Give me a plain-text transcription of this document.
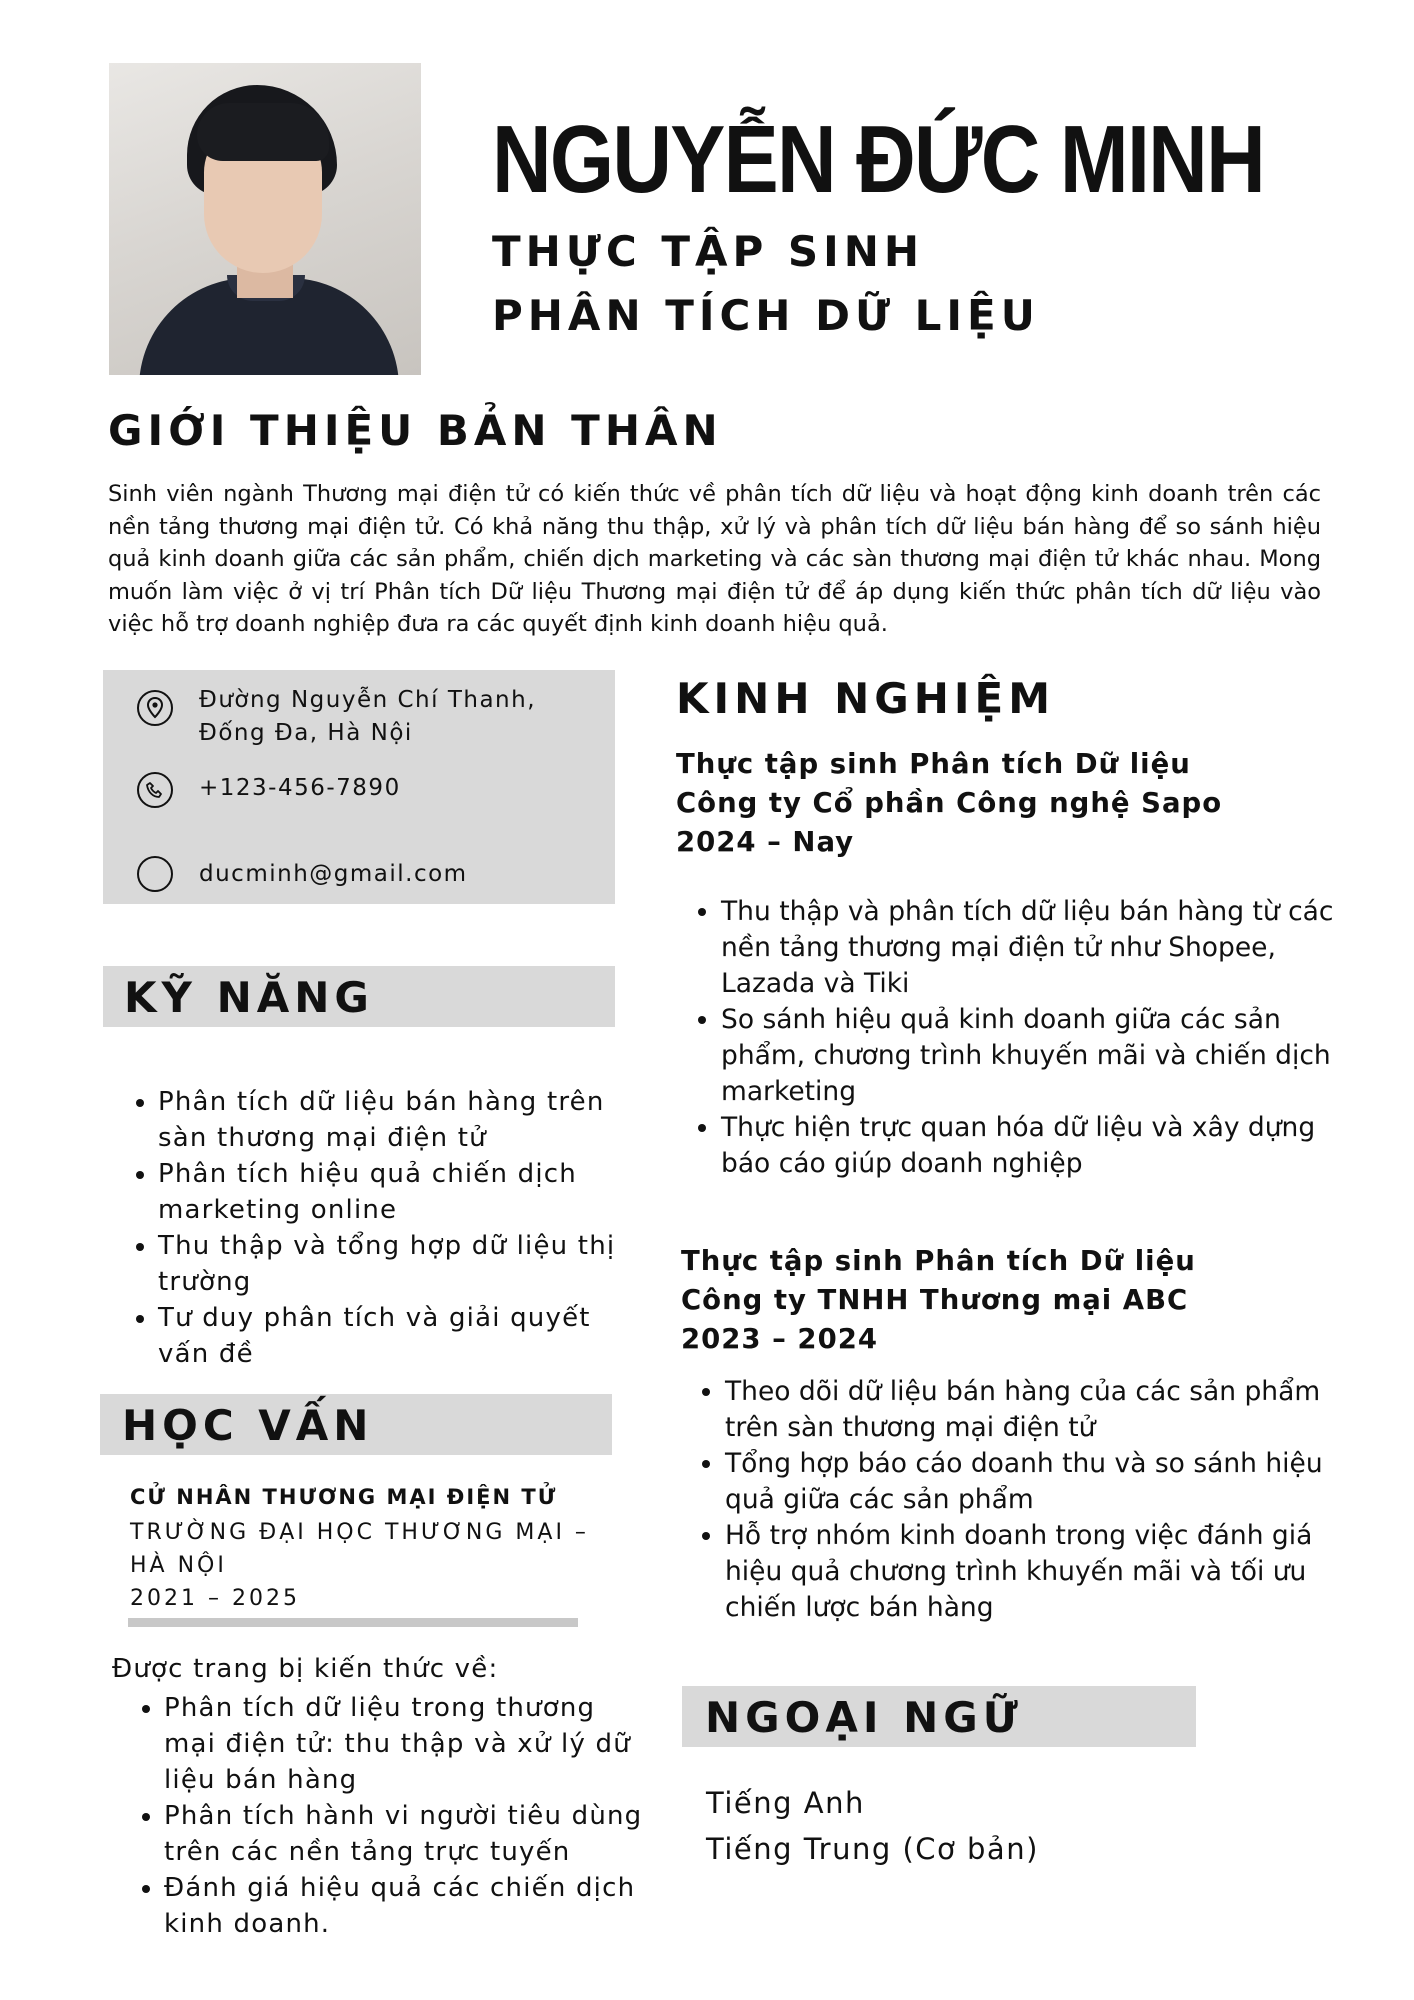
NGUYỄN ĐỨC MINH
THỰC TẬP SINH
PHÂN TÍCH DỮ LIỆU
GIỚI THIỆU BẢN THÂN
Sinh viên ngành Thương mại điện tử có kiến thức về phân tích dữ liệu và hoạt động kinh doanh trên các nền tảng thương mại điện tử. Có khả năng thu thập, xử lý và phân tích dữ liệu bán hàng để so sánh hiệu quả kinh doanh giữa các sản phẩm, chiến dịch marketing và các sàn thương mại điện tử khác nhau. Mong muốn làm việc ở vị trí Phân tích Dữ liệu Thương mại điện tử để áp dụng kiến thức phân tích dữ liệu vào việc hỗ trợ doanh nghiệp đưa ra các quyết định kinh doanh hiệu quả.
Đường Nguyễn Chí Thanh,
Đống Đa, Hà Nội
+123-456-7890
ducminh@gmail.com
KỸ NĂNG
• Phân tích dữ liệu bán hàng trên sàn thương mại điện tử
• Phân tích hiệu quả chiến dịch marketing online
• Thu thập và tổng hợp dữ liệu thị trường
• Tư duy phân tích và giải quyết vấn đề
HỌC VẤN
CỬ NHÂN THƯƠNG MẠI ĐIỆN TỬ
TRƯỜNG ĐẠI HỌC THƯƠNG MẠI – HÀ NỘI
2021 – 2025
Được trang bị kiến thức về:
• Phân tích dữ liệu trong thương mại điện tử: thu thập và xử lý dữ liệu bán hàng
• Phân tích hành vi người tiêu dùng trên các nền tảng trực tuyến
• Đánh giá hiệu quả các chiến dịch kinh doanh.
KINH NGHIỆM
Thực tập sinh Phân tích Dữ liệu
Công ty Cổ phần Công nghệ Sapo
2024 – Nay
• Thu thập và phân tích dữ liệu bán hàng từ các nền tảng thương mại điện tử như Shopee, Lazada và Tiki
• So sánh hiệu quả kinh doanh giữa các sản phẩm, chương trình khuyến mãi và chiến dịch marketing
• Thực hiện trực quan hóa dữ liệu và xây dựng báo cáo giúp doanh nghiệp
Thực tập sinh Phân tích Dữ liệu
Công ty TNHH Thương mại ABC
2023 – 2024
• Theo dõi dữ liệu bán hàng của các sản phẩm trên sàn thương mại điện tử
• Tổng hợp báo cáo doanh thu và so sánh hiệu quả giữa các sản phẩm
• Hỗ trợ nhóm kinh doanh trong việc đánh giá hiệu quả chương trình khuyến mãi và tối ưu chiến lược bán hàng
NGOẠI NGỮ
Tiếng Anh
Tiếng Trung (Cơ bản)
